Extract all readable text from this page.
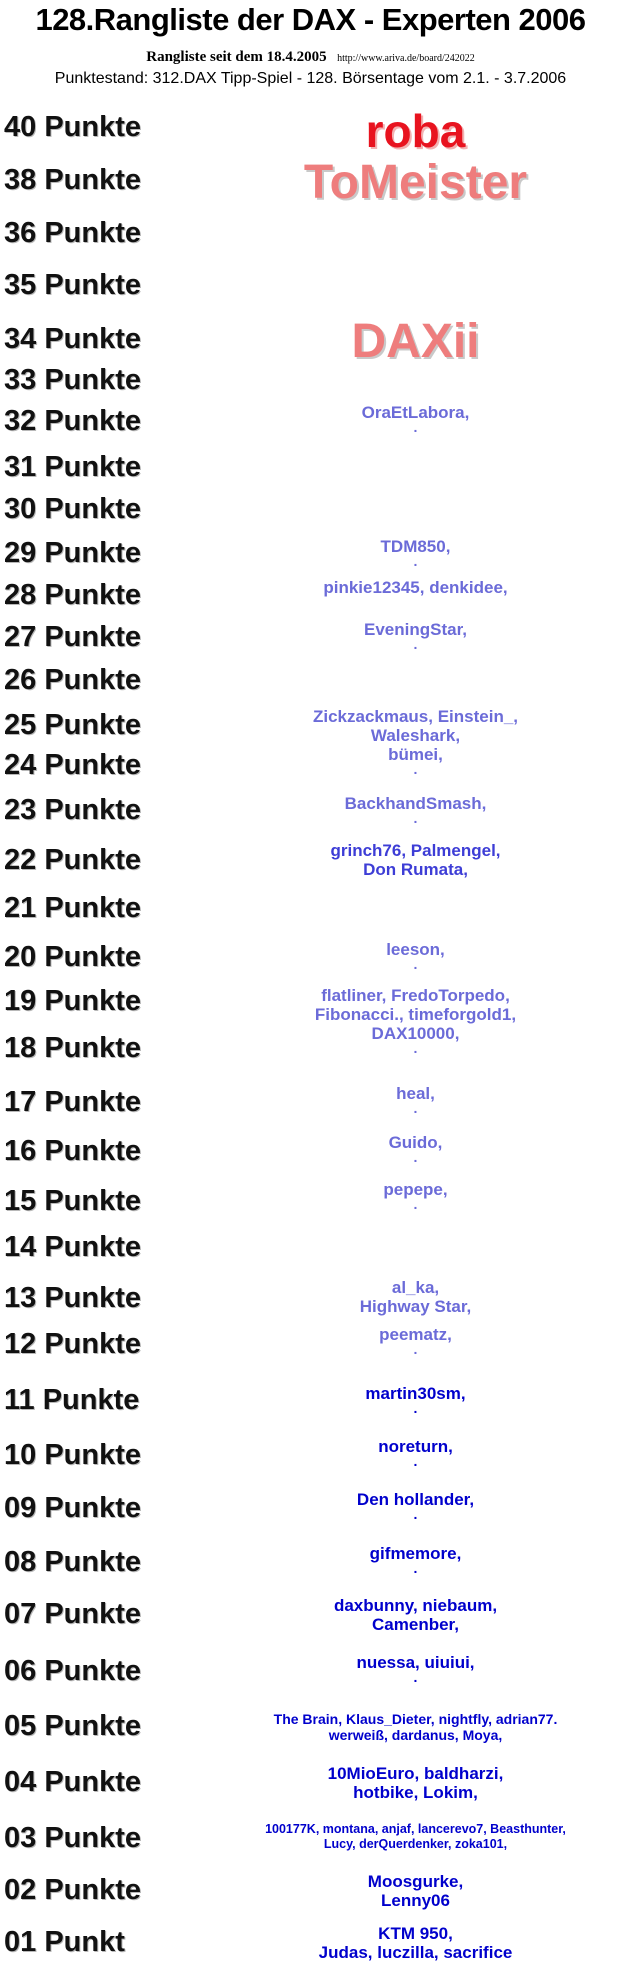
128.Rangliste der DAX - Experten 2006
Rangliste seit dem 18.4.2005 http://www.ariva.de/board/242022
Punktestand: 312.DAX Tipp-Spiel - 128. Börsentage vom 2.1. - 3.7.2006
40 Punkte
38 Punkte
36 Punkte
35 Punkte
34 Punkte
33 Punkte
32 Punkte
31 Punkte
30 Punkte
29 Punkte
28 Punkte
27 Punkte
26 Punkte
25 Punkte
24 Punkte
23 Punkte
22 Punkte
21 Punkte
20 Punkte
19 Punkte
18 Punkte
17 Punkte
16 Punkte
15 Punkte
14 Punkte
13 Punkte
12 Punkte
11 Punkte
10 Punkte
09 Punkte
08 Punkte
07 Punkte
06 Punkte
05 Punkte
04 Punkte
03 Punkte
02 Punkte
01 Punkt
roba
ToMeister
DAXii
OraEtLabora,
.
TDM850,
.
pinkie12345, denkidee,
EveningStar,
.
Zickzackmaus, Einstein_,
Waleshark,
bümei,
.
BackhandSmash,
.
grinch76, Palmengel,
Don Rumata,
leeson,
.
flatliner, FredoTorpedo,
Fibonacci., timeforgold1,
DAX10000,
.
heal,
.
Guido,
.
pepepe,
.
al_ka,
Highway Star,
peematz,
.
martin30sm,
.
noreturn,
.
Den hollander,
.
gifmemore,
.
daxbunny, niebaum,
Camenber,
nuessa, uiuiui,
.
The Brain, Klaus_Dieter, nightfly, adrian77.
werweiß, dardanus, Moya,
10MioEuro, baldharzi,
hotbike, Lokim,
100177K, montana, anjaf, lancerevo7, Beasthunter,
Lucy, derQuerdenker, zoka101,
Moosgurke,
Lenny06
KTM 950,
Judas, luczilla, sacrifice
